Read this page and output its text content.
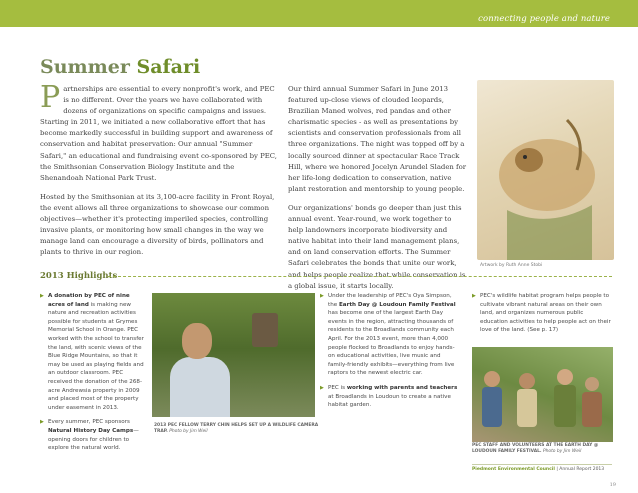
connecting people and nature
Summer Safari

Partnerships are essential to every nonprofit's work, and PEC is no different. Over the years we have collaborated with dozens of organizations on specific campaigns and issues. Starting in 2011, we initiated a new collaborative effort that has become markedly successful in building support and awareness of conservation and habitat preservation: Our annual "Summer Safari," an educational and fundraising event co-sponsored by PEC, the Smithsonian Conservation Biology Institute and the Shenandoah National Park Trust.

Hosted by the Smithsonian at its 3,100-acre facility in Front Royal, the event allows all three organizations to showcase our common objectives—whether it's protecting imperiled species, controlling invasive plants, or monitoring how small changes in the way we manage land can encourage a diversity of birds, pollinators and plants to thrive in our region.

Our third annual Summer Safari in June 2013 featured up-close views of clouded leopards, Brazilian Maned wolves, red pandas and other charismatic species - as well as presentations by scientists and conservation professionals from all three organizations. The night was topped off by a locally sourced dinner at spectacular Race Track Hill, where we honored Jocelyn Arundel Sladen for her life-long dedication to conservation, native plant restoration and mentorship to young people.

Our organizations' bonds go deeper than just this annual event. Year-round, we work together to help landowners incorporate biodiversity and native habitat into their land management plans, and on land conservation efforts. The Summer Safari celebrates the bonds that unite our work, and helps people realize that while conservation is a global issue, it starts locally.

Artwork by Ruth Anne Stobi
2013 Highlights
▶ A donation by PEC of nine acres of land is making new nature and recreation activities possible for students at Grymes Memorial School in Orange. PEC worked with the school to transfer the land, with scenic views of the Blue Ridge Mountains, so that it may be used as playing fields and an outdoor classroom. PEC received the donation of the 268-acre Andrewsia property in 2009 and placed most of the property under easement in 2013.
▶ Every summer, PEC sponsors Natural History Day Camps—opening doors for children to explore the natural world.
2013 PEC FELLOW TERRY CHIN HELPS SET UP A WILDLIFE CAMERA TRAP. Photo by Jim Weil
▶ Under the leadership of PEC's Oya Simpson, the Earth Day @ Loudoun Family Festival has become one of the largest Earth Day events in the region, attracting thousands of residents to the Broadlands community each April. For the 2013 event, more than 4,000 people flocked to Broadlands to enjoy hands-on educational activities, live music and family-friendly exhibits—everything from live raptors to the newest electric car.
▶ PEC is working with parents and teachers at Broadlands in Loudoun to create a native habitat garden.
▶ PEC's wildlife habitat program helps people to cultivate vibrant natural areas on their own land, and organizes numerous public education activities to help people act on their love of the land. (See p. 17)
PEC STAFF AND VOLUNTEERS AT THE EARTH DAY @ LOUDOUN FAMILY FESTIVAL. Photo by Jim Weil
Piedmont Environmental Council | Annual Report 2013
19
